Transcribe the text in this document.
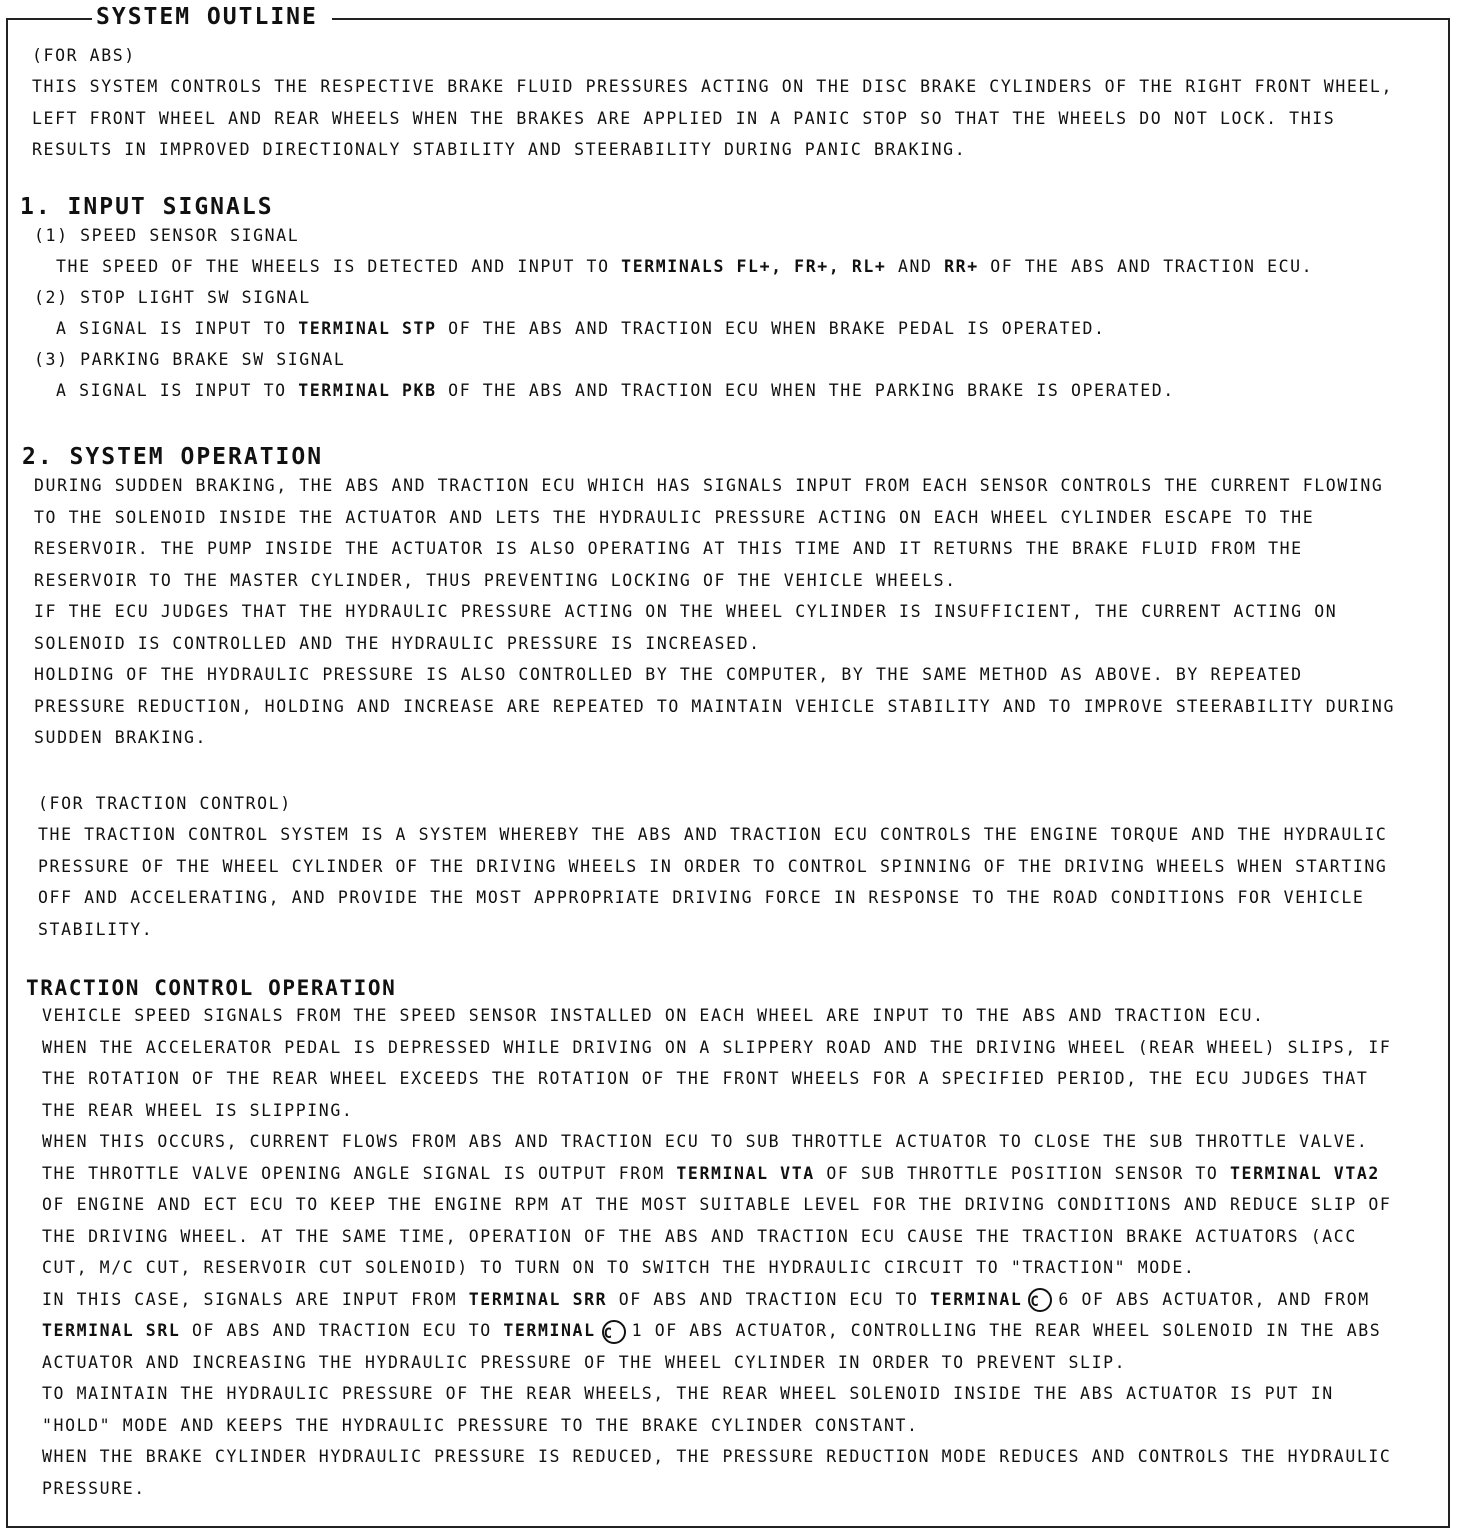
SYSTEM OUTLINE

(FOR ABS)

THIS SYSTEM CONTROLS THE RESPECTIVE BRAKE FLUID PRESSURES ACTING ON THE DISC BRAKE CYLINDERS OF THE RIGHT FRONT WHEEL,

LEFT FRONT WHEEL AND REAR WHEELS WHEN THE BRAKES ARE APPLIED IN A PANIC STOP SO THAT THE WHEELS DO NOT LOCK. THIS

RESULTS IN IMPROVED DIRECTIONALY STABILITY AND STEERABILITY DURING PANIC BRAKING.

1. INPUT SIGNALS

(1) SPEED SENSOR SIGNAL

THE SPEED OF THE WHEELS IS DETECTED AND INPUT TO TERMINALS FL+, FR+, RL+ AND RR+ OF THE ABS AND TRACTION ECU.

(2) STOP LIGHT SW SIGNAL

A SIGNAL IS INPUT TO TERMINAL STP OF THE ABS AND TRACTION ECU WHEN BRAKE PEDAL IS OPERATED.

(3) PARKING BRAKE SW SIGNAL

A SIGNAL IS INPUT TO TERMINAL PKB OF THE ABS AND TRACTION ECU WHEN THE PARKING BRAKE IS OPERATED.

2. SYSTEM OPERATION

DURING SUDDEN BRAKING, THE ABS AND TRACTION ECU WHICH HAS SIGNALS INPUT FROM EACH SENSOR CONTROLS THE CURRENT FLOWING

TO THE SOLENOID INSIDE THE ACTUATOR AND LETS THE HYDRAULIC PRESSURE ACTING ON EACH WHEEL CYLINDER ESCAPE TO THE

RESERVOIR. THE PUMP INSIDE THE ACTUATOR IS ALSO OPERATING AT THIS TIME AND IT RETURNS THE BRAKE FLUID FROM THE

RESERVOIR TO THE MASTER CYLINDER, THUS PREVENTING LOCKING OF THE VEHICLE WHEELS.

IF THE ECU JUDGES THAT THE HYDRAULIC PRESSURE ACTING ON THE WHEEL CYLINDER IS INSUFFICIENT, THE CURRENT ACTING ON

SOLENOID IS CONTROLLED AND THE HYDRAULIC PRESSURE IS INCREASED.

HOLDING OF THE HYDRAULIC PRESSURE IS ALSO CONTROLLED BY THE COMPUTER, BY THE SAME METHOD AS ABOVE. BY REPEATED

PRESSURE REDUCTION, HOLDING AND INCREASE ARE REPEATED TO MAINTAIN VEHICLE STABILITY AND TO IMPROVE STEERABILITY DURING

SUDDEN BRAKING.

(FOR TRACTION CONTROL)

THE TRACTION CONTROL SYSTEM IS A SYSTEM WHEREBY THE ABS AND TRACTION ECU CONTROLS THE ENGINE TORQUE AND THE HYDRAULIC

PRESSURE OF THE WHEEL CYLINDER OF THE DRIVING WHEELS IN ORDER TO CONTROL SPINNING OF THE DRIVING WHEELS WHEN STARTING

OFF AND ACCELERATING, AND PROVIDE THE MOST APPROPRIATE DRIVING FORCE IN RESPONSE TO THE ROAD CONDITIONS FOR VEHICLE

STABILITY.

TRACTION CONTROL OPERATION

VEHICLE SPEED SIGNALS FROM THE SPEED SENSOR INSTALLED ON EACH WHEEL ARE INPUT TO THE ABS AND TRACTION ECU.

WHEN THE ACCELERATOR PEDAL IS DEPRESSED WHILE DRIVING ON A SLIPPERY ROAD AND THE DRIVING WHEEL (REAR WHEEL) SLIPS, IF

THE ROTATION OF THE REAR WHEEL EXCEEDS THE ROTATION OF THE FRONT WHEELS FOR A SPECIFIED PERIOD, THE ECU JUDGES THAT

THE REAR WHEEL IS SLIPPING.

WHEN THIS OCCURS, CURRENT FLOWS FROM ABS AND TRACTION ECU TO SUB THROTTLE ACTUATOR TO CLOSE THE SUB THROTTLE VALVE.

THE THROTTLE VALVE OPENING ANGLE SIGNAL IS OUTPUT FROM TERMINAL VTA OF SUB THROTTLE POSITION SENSOR TO TERMINAL VTA2

OF ENGINE AND ECT ECU TO KEEP THE ENGINE RPM AT THE MOST SUITABLE LEVEL FOR THE DRIVING CONDITIONS AND REDUCE SLIP OF

THE DRIVING WHEEL. AT THE SAME TIME, OPERATION OF THE ABS AND TRACTION ECU CAUSE THE TRACTION BRAKE ACTUATORS (ACC

CUT, M/C CUT, RESERVOIR CUT SOLENOID) TO TURN ON TO SWITCH THE HYDRAULIC CIRCUIT TO "TRACTION" MODE.

IN THIS CASE, SIGNALS ARE INPUT FROM TERMINAL SRR OF ABS AND TRACTION ECU TO TERMINAL C 6 OF ABS ACTUATOR, AND FROM

TERMINAL SRL OF ABS AND TRACTION ECU TO TERMINAL C 1 OF ABS ACTUATOR, CONTROLLING THE REAR WHEEL SOLENOID IN THE ABS

ACTUATOR AND INCREASING THE HYDRAULIC PRESSURE OF THE WHEEL CYLINDER IN ORDER TO PREVENT SLIP.

TO MAINTAIN THE HYDRAULIC PRESSURE OF THE REAR WHEELS, THE REAR WHEEL SOLENOID INSIDE THE ABS ACTUATOR IS PUT IN

"HOLD" MODE AND KEEPS THE HYDRAULIC PRESSURE TO THE BRAKE CYLINDER CONSTANT.

WHEN THE BRAKE CYLINDER HYDRAULIC PRESSURE IS REDUCED, THE PRESSURE REDUCTION MODE REDUCES AND CONTROLS THE HYDRAULIC

PRESSURE.
